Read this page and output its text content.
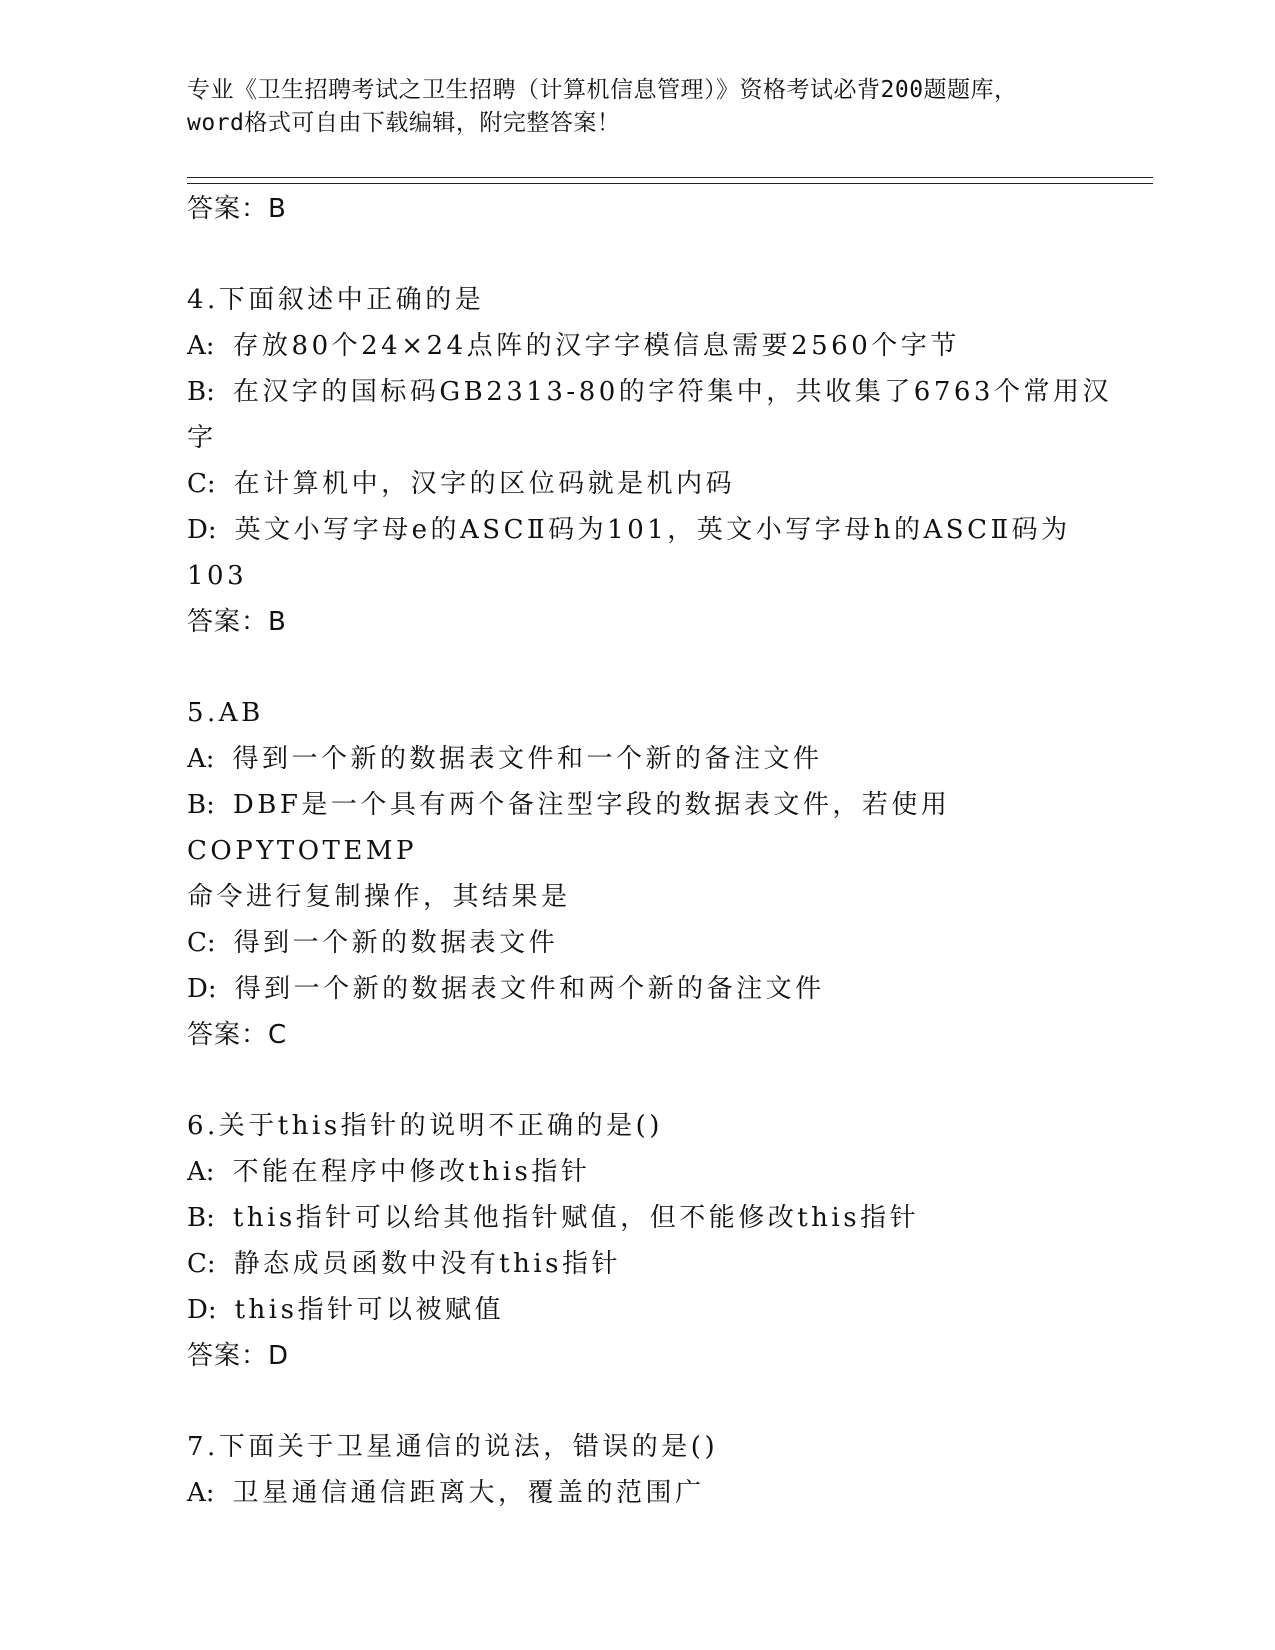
专业《卫生招聘考试之卫生招聘（计算机信息管理）》资格考试必背200题题库，
word格式可自由下载编辑，附完整答案！
答案：B
4.下面叙述中正确的是
A: 存放80个24×24点阵的汉字字模信息需要2560个字节
B: 在汉字的国标码GB2313-80的字符集中，共收集了6763个常用汉
字
C: 在计算机中，汉字的区位码就是机内码
D: 英文小写字母e的ASCⅡ码为101，英文小写字母h的ASCⅡ码为
103
答案：B
5.AB
A: 得到一个新的数据表文件和一个新的备注文件
B: DBF是一个具有两个备注型字段的数据表文件，若使用COPYTOTEMP
命令进行复制操作，其结果是
C: 得到一个新的数据表文件
D: 得到一个新的数据表文件和两个新的备注文件
答案：C
6.关于this指针的说明不正确的是()
A: 不能在程序中修改this指针
B: this指针可以给其他指针赋值，但不能修改this指针
C: 静态成员函数中没有this指针
D: this指针可以被赋值
答案：D
7.下面关于卫星通信的说法，错误的是()
A: 卫星通信通信距离大，覆盖的范围广
